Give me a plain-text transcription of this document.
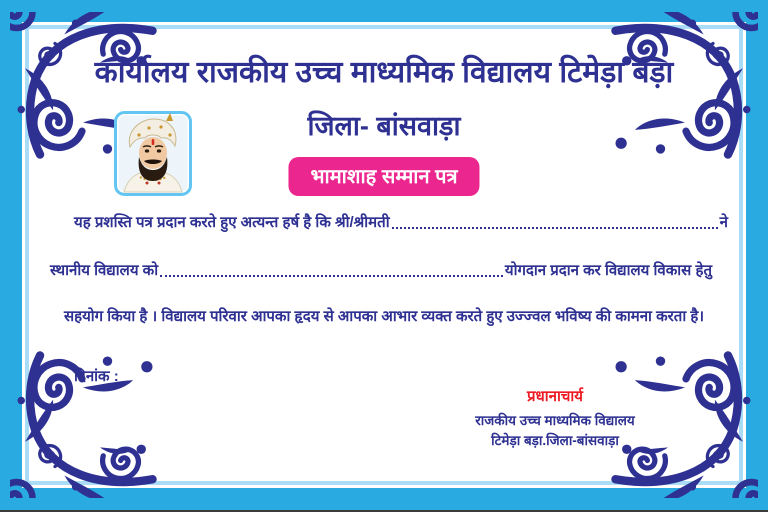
कार्यालय राजकीय उच्च माध्यमिक विद्यालय टिमेड़ा बड़ा
जिला- बांसवाड़ा
भामाशाह सम्मान पत्र
यह प्रशस्ति पत्र प्रदान करते हुए अत्यन्त हर्ष है कि श्री/श्रीमती	ने
स्थानीय विद्यालय को	योगदान प्रदान कर विद्यालय विकास हेतु
सहयोग किया है । विद्यालय परिवार आपका हृदय से आपका आभार व्यक्त करते हुए उज्ज्वल भविष्य की कामना करता है।
दिनांक :
प्रधानाचार्य
राजकीय उच्च माध्यमिक विद्यालय
टिमेड़ा बड़ा.जिला-बांसवाड़ा
